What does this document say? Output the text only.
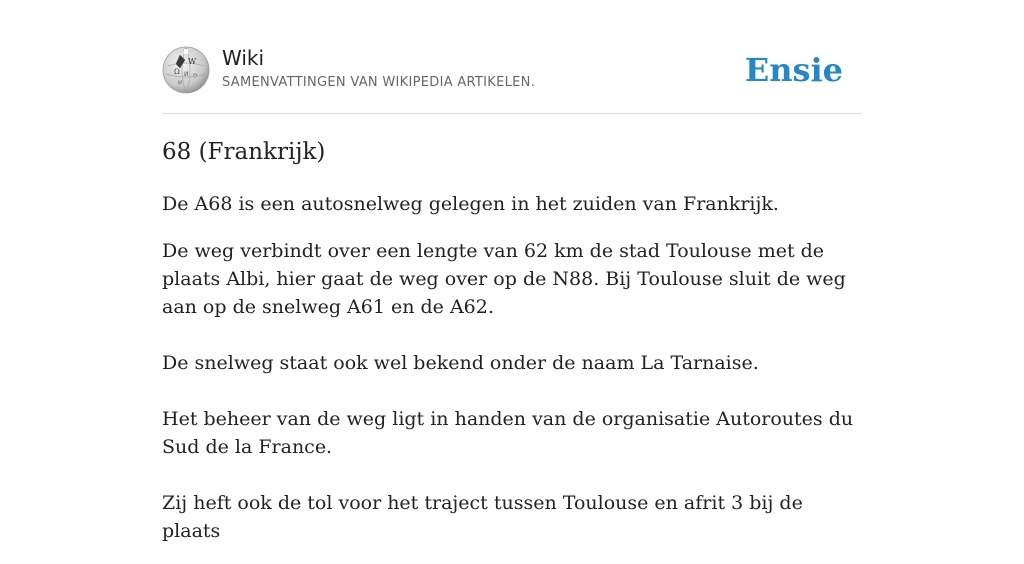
W
Ω И ウ
ש
Wiki
SAMENVATTINGEN VAN WIKIPEDIA ARTIKELEN.	Ensie
68 (Frankrijk)

De A68 is een autosnelweg gelegen in het zuiden van Frankrijk.

De weg verbindt over een lengte van 62 km de stad Toulouse met de plaats Albi, hier gaat de weg over op de N88. Bij Toulouse sluit de weg aan op de snelweg A61 en de A62.

De snelweg staat ook wel bekend onder de naam La Tarnaise.

Het beheer van de weg ligt in handen van de organisatie Autoroutes du Sud de la France.

Zij heft ook de tol voor het traject tussen Toulouse en afrit 3 bij de plaats
